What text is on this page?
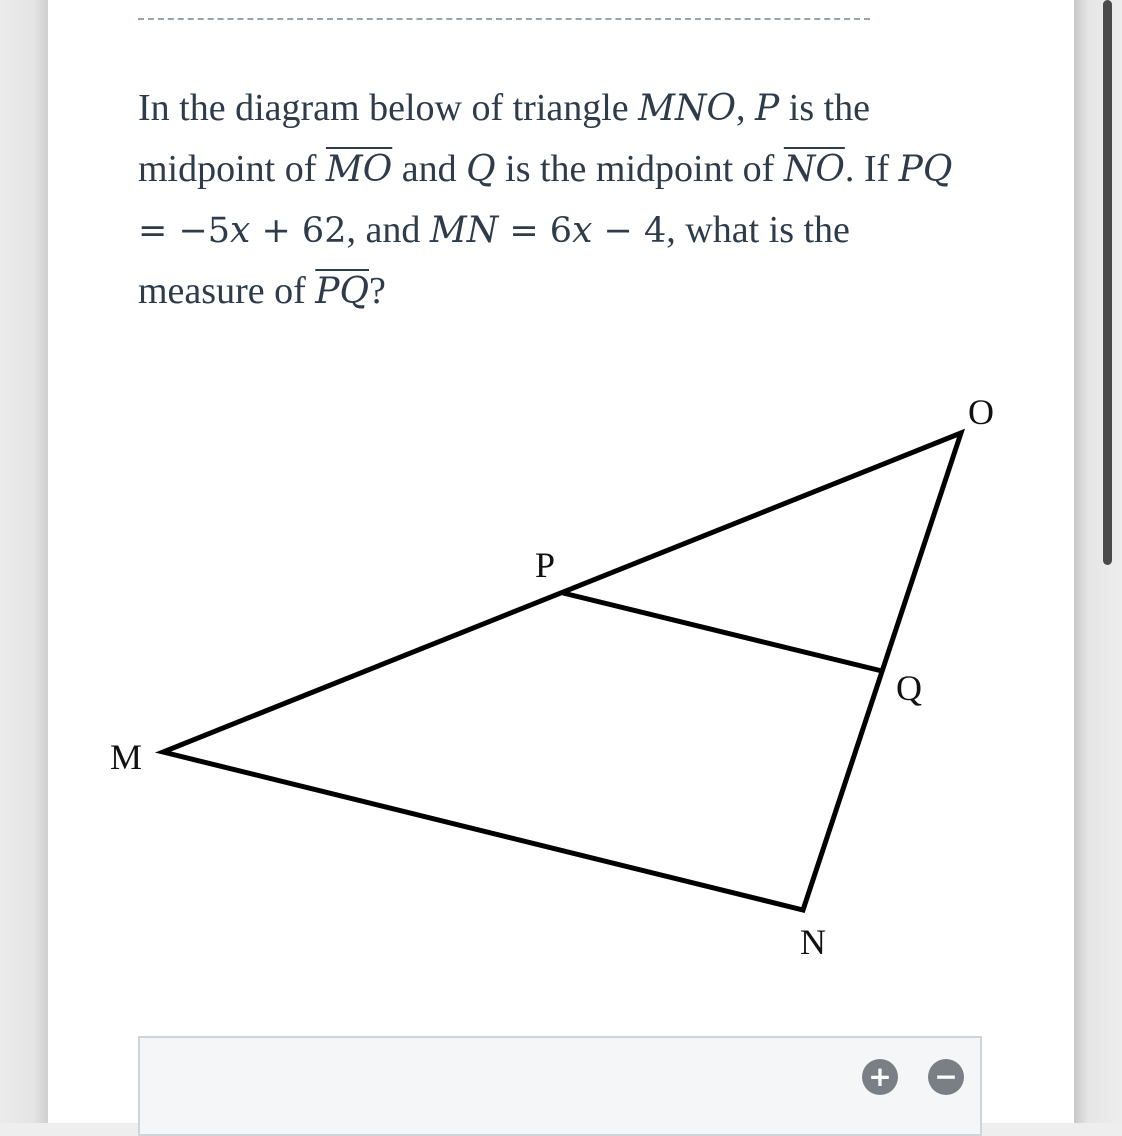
In the diagram below of triangle MNO, P is the midpoint of $\overline{MO}$ and Q is the midpoint of $\overline{NO}$. If PQ = −5x + 62, and MN = 6x − 4, what is the measure of $\overline{PQ}$?
M
N
O
P
Q
+ −
